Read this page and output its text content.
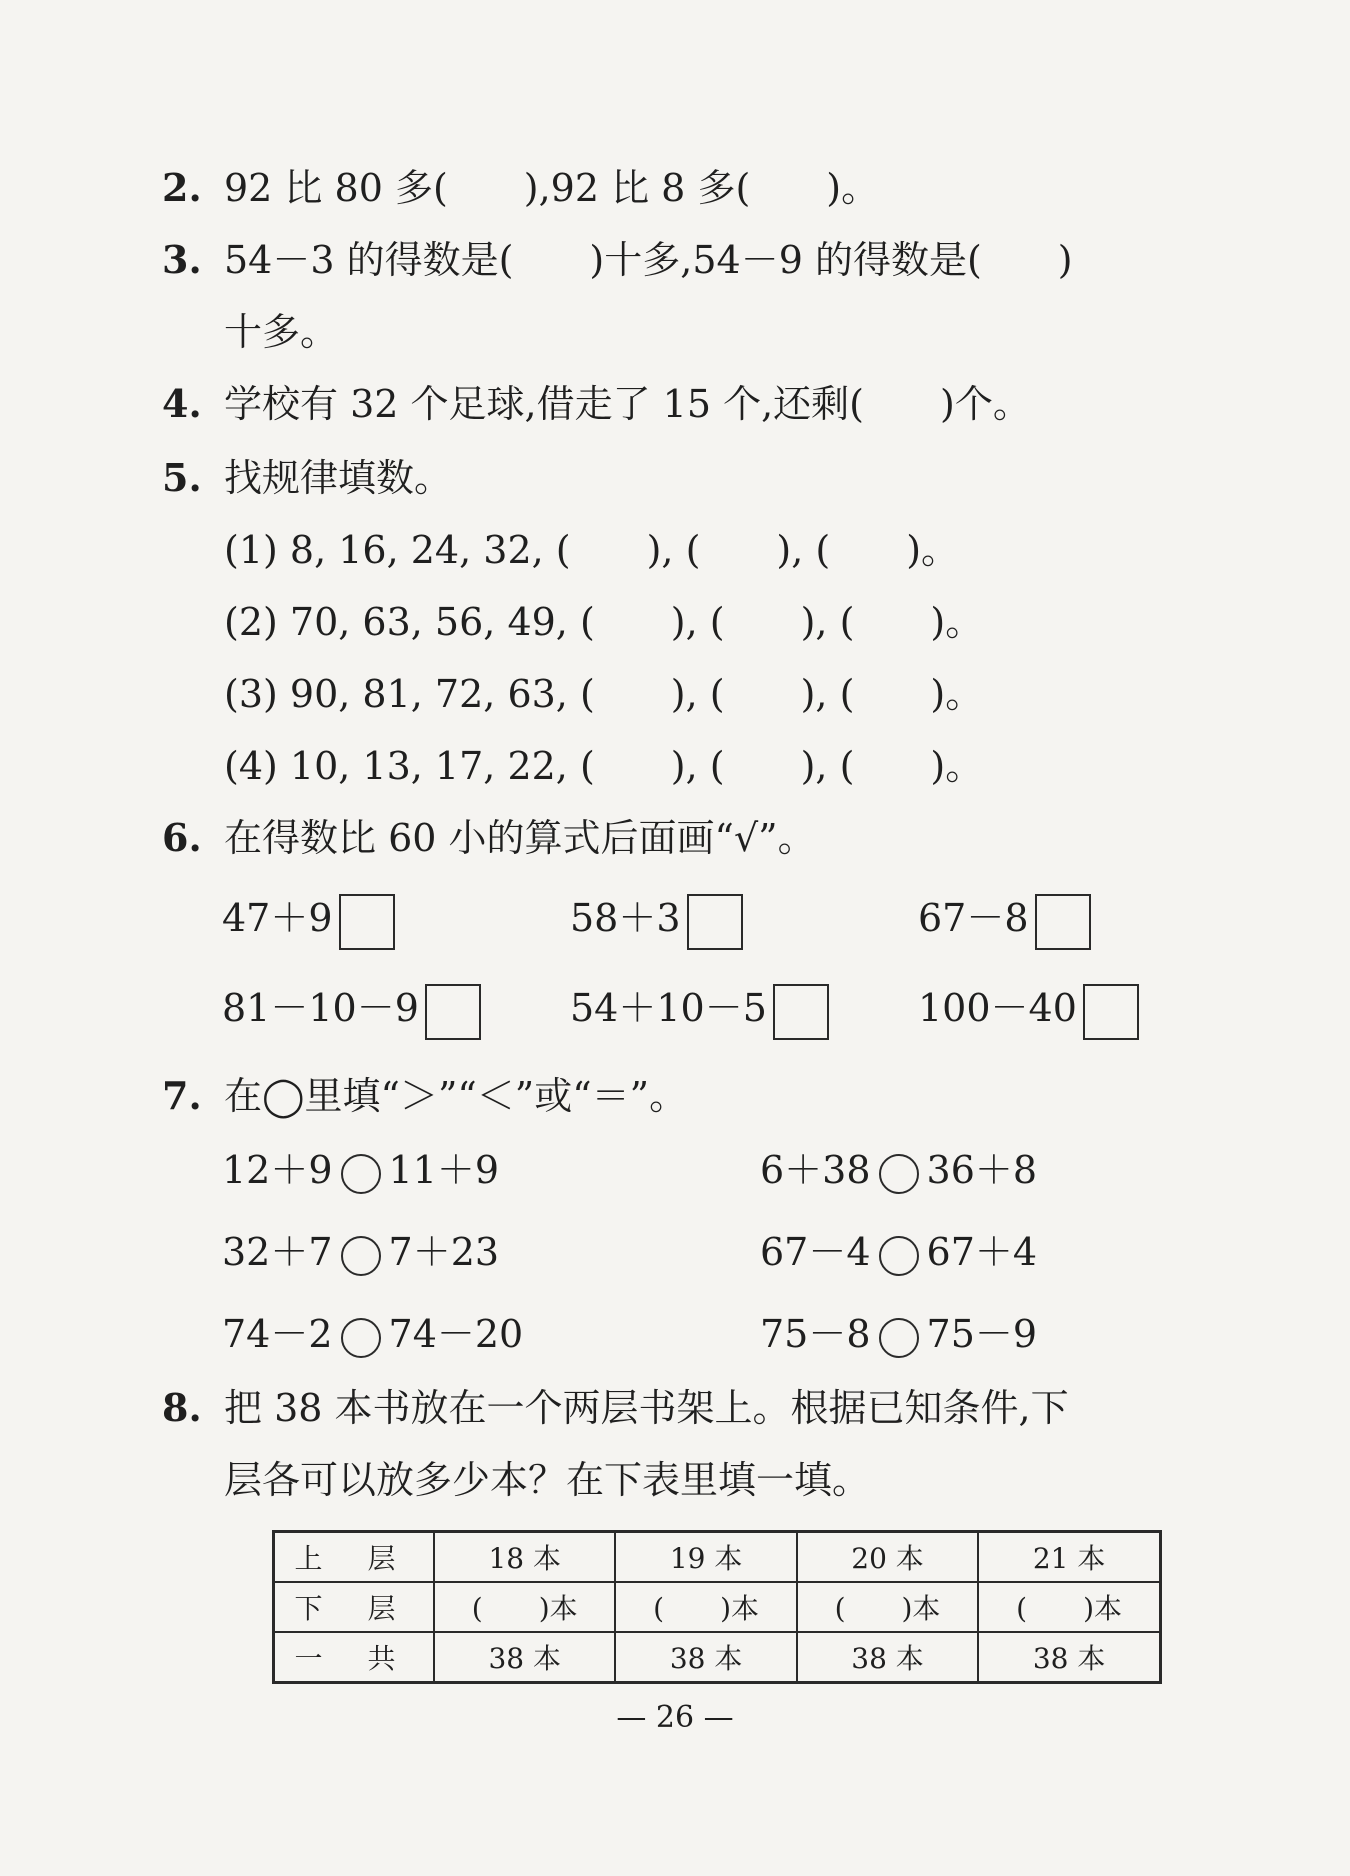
2. 92 比 80 多(　　),92 比 8 多(　　)。
3. 54－3 的得数是(　　)十多,54－9 的得数是(　　)
十多。
4. 学校有 32 个足球,借走了 15 个,还剩(　　)个。
5. 找规律填数。
(1) 8, 16, 24, 32, (　　), (　　), (　　)。
(2) 70, 63, 56, 49, (　　), (　　), (　　)。
(3) 90, 81, 72, 63, (　　), (　　), (　　)。
(4) 10, 13, 17, 22, (　　), (　　), (　　)。
6. 在得数比 60 小的算式后面画“√”。
47＋9	58＋3	67－8
81－10－9	54＋10－5	100－40
7. 在◯里填“＞”“＜”或“＝”。
12＋9 11＋9	6＋38 36＋8
32＋7 7＋23	67－4 67＋4
74－2 74－20	75－8 75－9
8. 把 38 本书放在一个两层书架上。根据已知条件,下
层各可以放多少本？在下表里填一填。
上 层	18 本	19 本	20 本	21 本
下 层	(　　)本	(　　)本	(　　)本	(　　)本
一 共	38 本	38 本	38 本	38 本
— 26 —
